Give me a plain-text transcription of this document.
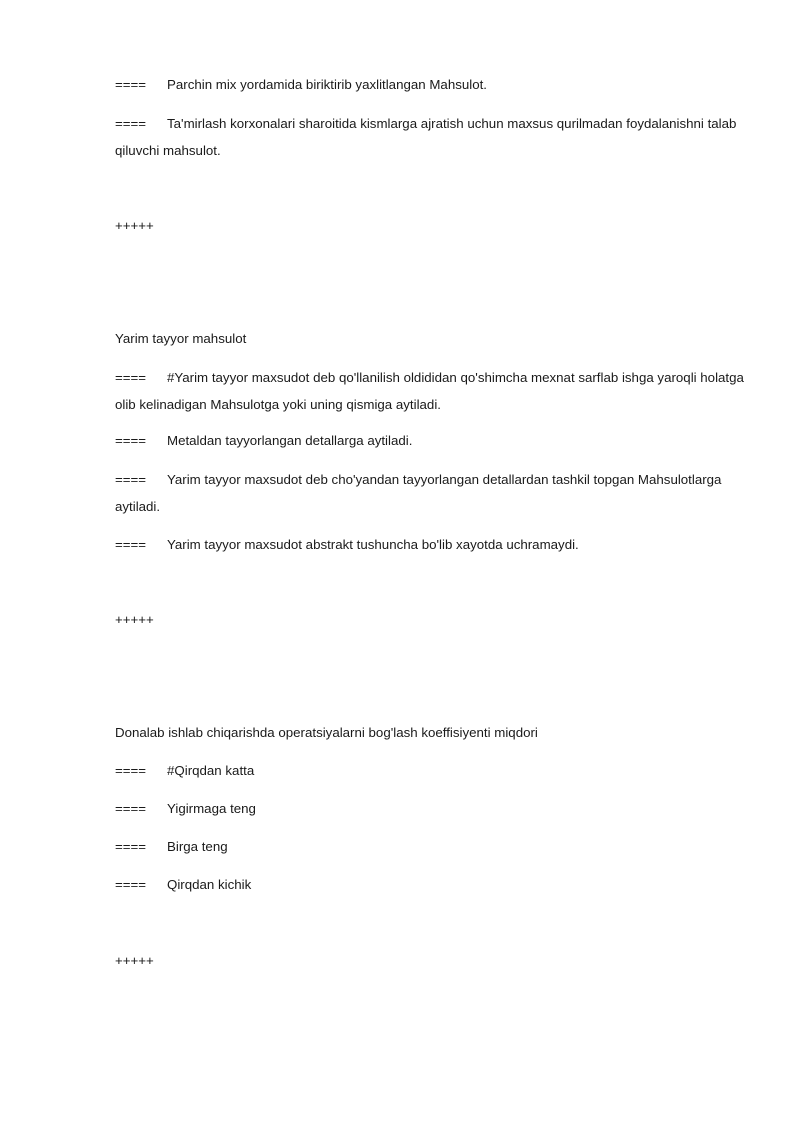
==== Parchin mix yordamida biriktirib yaxlitlangan Mahsulot.
==== Ta'mirlash korxonalari sharoitida kismlarga ajratish uchun maxsus qurilmadan foydalanishni talab qiluvchi mahsulot.
+++++
Yarim tayyor mahsulot
==== #Yarim tayyor maxsudot deb qo'llanilish oldididan qo'shimcha mexnat sarflab ishga yaroqli holatga olib kelinadigan Mahsulotga yoki uning qismiga aytiladi.
==== Metaldan tayyorlangan detallarga aytiladi.
==== Yarim tayyor maxsudot deb cho'yandan tayyorlangan detallardan tashkil topgan Mahsulotlarga aytiladi.
==== Yarim tayyor maxsudot abstrakt tushuncha bo'lib xayotda uchramaydi.
+++++
Donalab ishlab chiqarishda operatsiyalarni bog'lash koeffisiyenti miqdori
==== #Qirqdan katta
==== Yigirmaga teng
==== Birga teng
==== Qirqdan kichik
+++++
